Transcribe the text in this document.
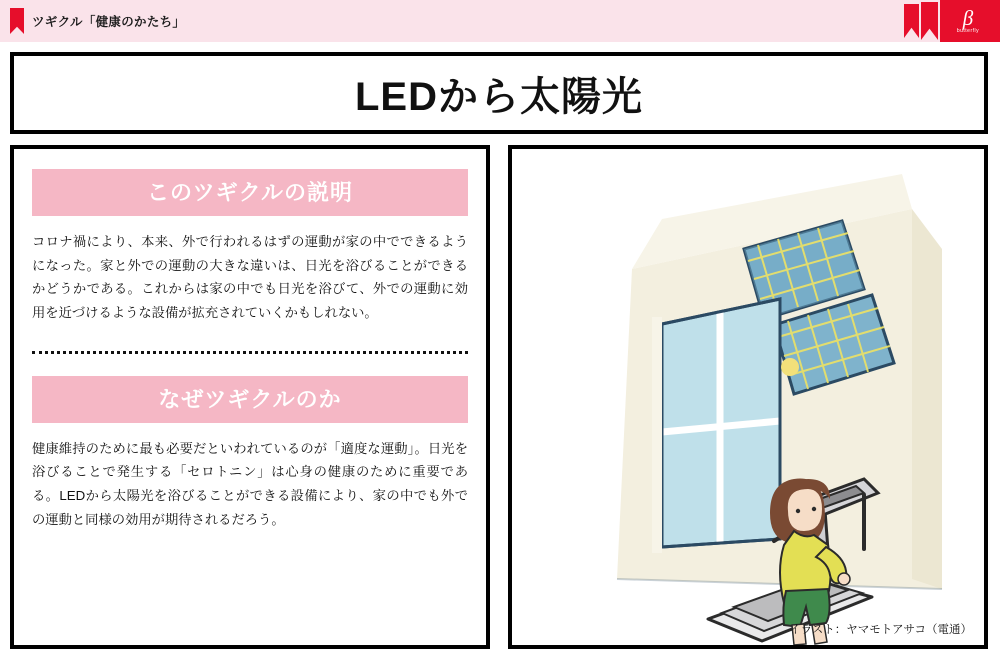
ツギクル「健康のかたち」	β
butterfly
LEDから太陽光
このツギクルの説明
コロナ禍により、本来、外で行われるはずの運動が家の中でできるようになった。家と外での運動の大きな違いは、日光を浴びることができるかどうかである。これからは家の中でも日光を浴びて、外での運動に効用を近づけるような設備が拡充されていくかもしれない。
なぜツギクルのか
健康維持のために最も必要だといわれているのが「適度な運動」。日光を浴びることで発生する「セロトニン」は心身の健康のために重要である。LEDから太陽光を浴びることができる設備により、家の中でも外での運動と同様の効用が期待されるだろう。
イラスト：ヤマモトアサコ（電通）
